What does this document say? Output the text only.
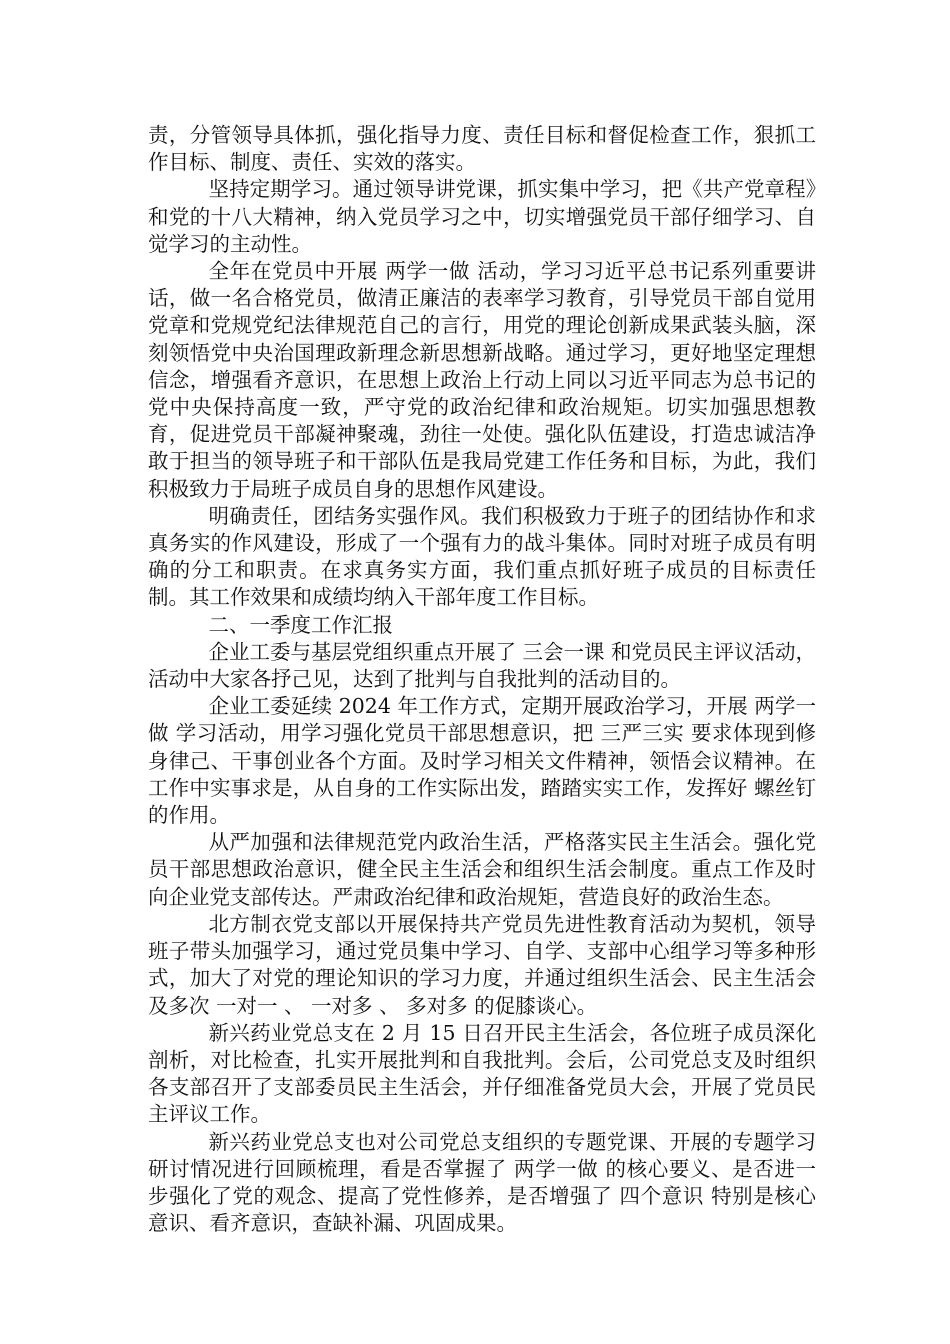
责，分管领导具体抓，强化指导力度、责任目标和督促检查工作，狠抓工作目标、制度、责任、实效的落实。

坚持定期学习。通过领导讲党课，抓实集中学习，把《共产党章程》和党的十八大精神，纳入党员学习之中，切实增强党员干部仔细学习、自觉学习的主动性。

全年在党员中开展 两学一做 活动，学习习近平总书记系列重要讲话，做一名合格党员，做清正廉洁的表率学习教育，引导党员干部自觉用党章和党规党纪法律规范自己的言行，用党的理论创新成果武装头脑，深刻领悟党中央治国理政新理念新思想新战略。通过学习，更好地坚定理想信念，增强看齐意识，在思想上政治上行动上同以习近平同志为总书记的党中央保持高度一致，严守党的政治纪律和政治规矩。切实加强思想教育，促进党员干部凝神聚魂，劲往一处使。强化队伍建设，打造忠诚洁净敢于担当的领导班子和干部队伍是我局党建工作任务和目标，为此，我们积极致力于局班子成员自身的思想作风建设。

明确责任，团结务实强作风。我们积极致力于班子的团结协作和求真务实的作风建设，形成了一个强有力的战斗集体。同时对班子成员有明确的分工和职责。在求真务实方面，我们重点抓好班子成员的目标责任制。其工作效果和成绩均纳入干部年度工作目标。

二、一季度工作汇报

企业工委与基层党组织重点开展了 三会一课 和党员民主评议活动，活动中大家各抒己见，达到了批判与自我批判的活动目的。

企业工委延续 2024 年工作方式，定期开展政治学习，开展 两学一做 学习活动，用学习强化党员干部思想意识，把 三严三实 要求体现到修身律己、干事创业各个方面。及时学习相关文件精神，领悟会议精神。在工作中实事求是，从自身的工作实际出发，踏踏实实工作，发挥好 螺丝钉 的作用。

从严加强和法律规范党内政治生活，严格落实民主生活会。强化党员干部思想政治意识，健全民主生活会和组织生活会制度。重点工作及时向企业党支部传达。严肃政治纪律和政治规矩，营造良好的政治生态。

北方制衣党支部以开展保持共产党员先进性教育活动为契机，领导班子带头加强学习，通过党员集中学习、自学、支部中心组学习等多种形式，加大了对党的理论知识的学习力度，并通过组织生活会、民主生活会及多次 一对一 、 一对多 、 多对多 的促膝谈心。

新兴药业党总支在 2 月 15 日召开民主生活会，各位班子成员深化剖析，对比检查，扎实开展批判和自我批判。会后，公司党总支及时组织各支部召开了支部委员民主生活会，并仔细准备党员大会，开展了党员民主评议工作。

新兴药业党总支也对公司党总支组织的专题党课、开展的专题学习研讨情况进行回顾梳理，看是否掌握了 两学一做 的核心要义、是否进一步强化了党的观念、提高了党性修养，是否增强了 四个意识 特别是核心意识、看齐意识，查缺补漏、巩固成果。
